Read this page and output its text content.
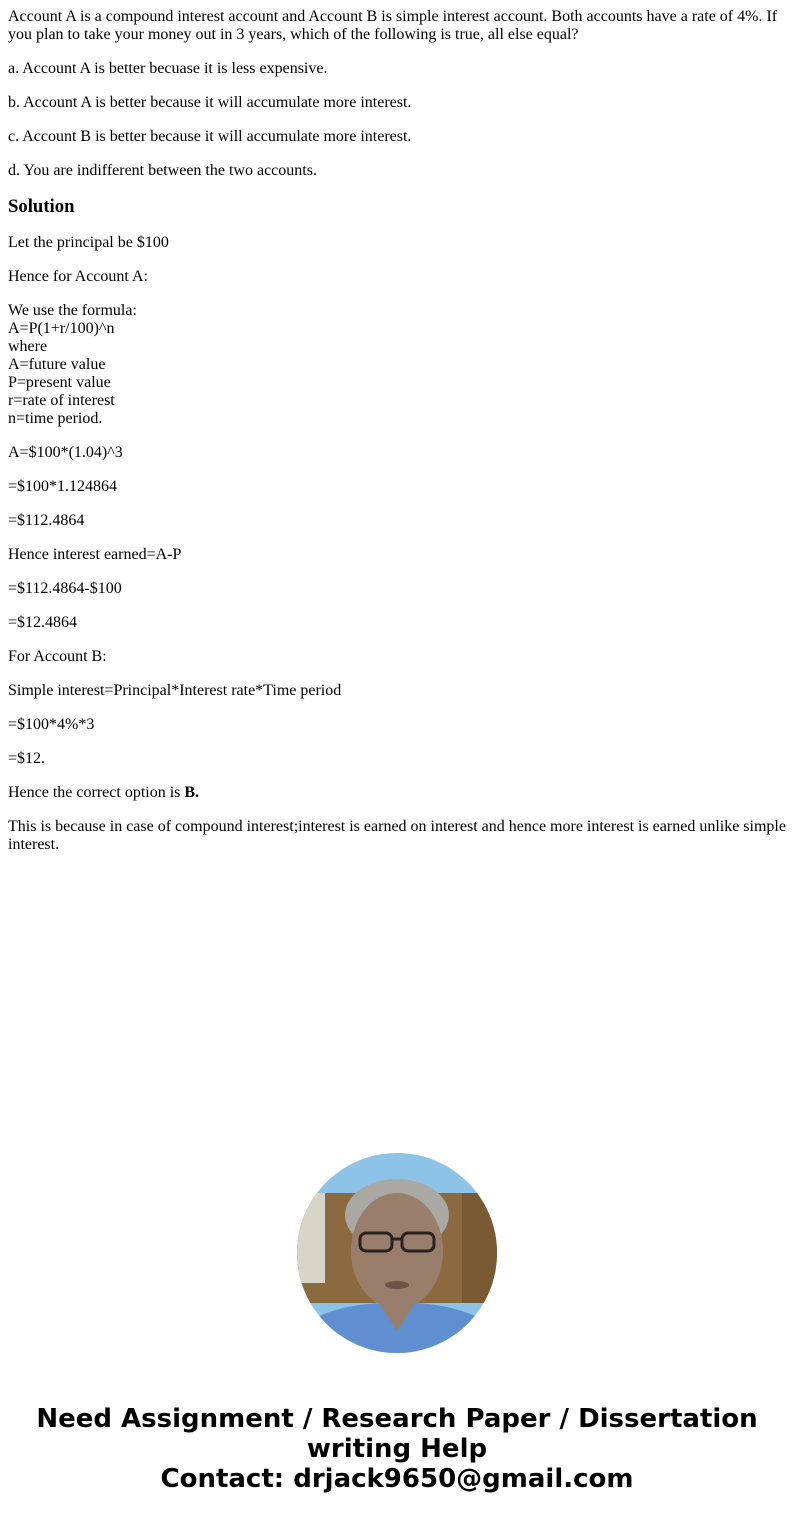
Account A is a compound interest account and Account B is simple interest account. Both accounts have a rate of 4%. If you plan to take your money out in 3 years, which of the following is true, all else equal?

a. Account A is better becuase it is less expensive.

b. Account A is better because it will accumulate more interest.

c. Account B is better because it will accumulate more interest.

d. You are indifferent between the two accounts.

Solution

Let the principal be $100

Hence for Account A:

We use the formula:
A=P(1+r/100)^n
where
A=future value
P=present value
r=rate of interest
n=time period.

A=$100*(1.04)^3

=$100*1.124864

=$112.4864

Hence interest earned=A-P

=$112.4864-$100

=$12.4864

For Account B:

Simple interest=Principal*Interest rate*Time period

=$100*4%*3

=$12.

Hence the correct option is B.

This is because in case of compound interest;interest is earned on interest and hence more interest is earned unlike simple interest.

Need Assignment / Research Paper / Dissertation
writing Help
Contact: drjack9650@gmail.com
